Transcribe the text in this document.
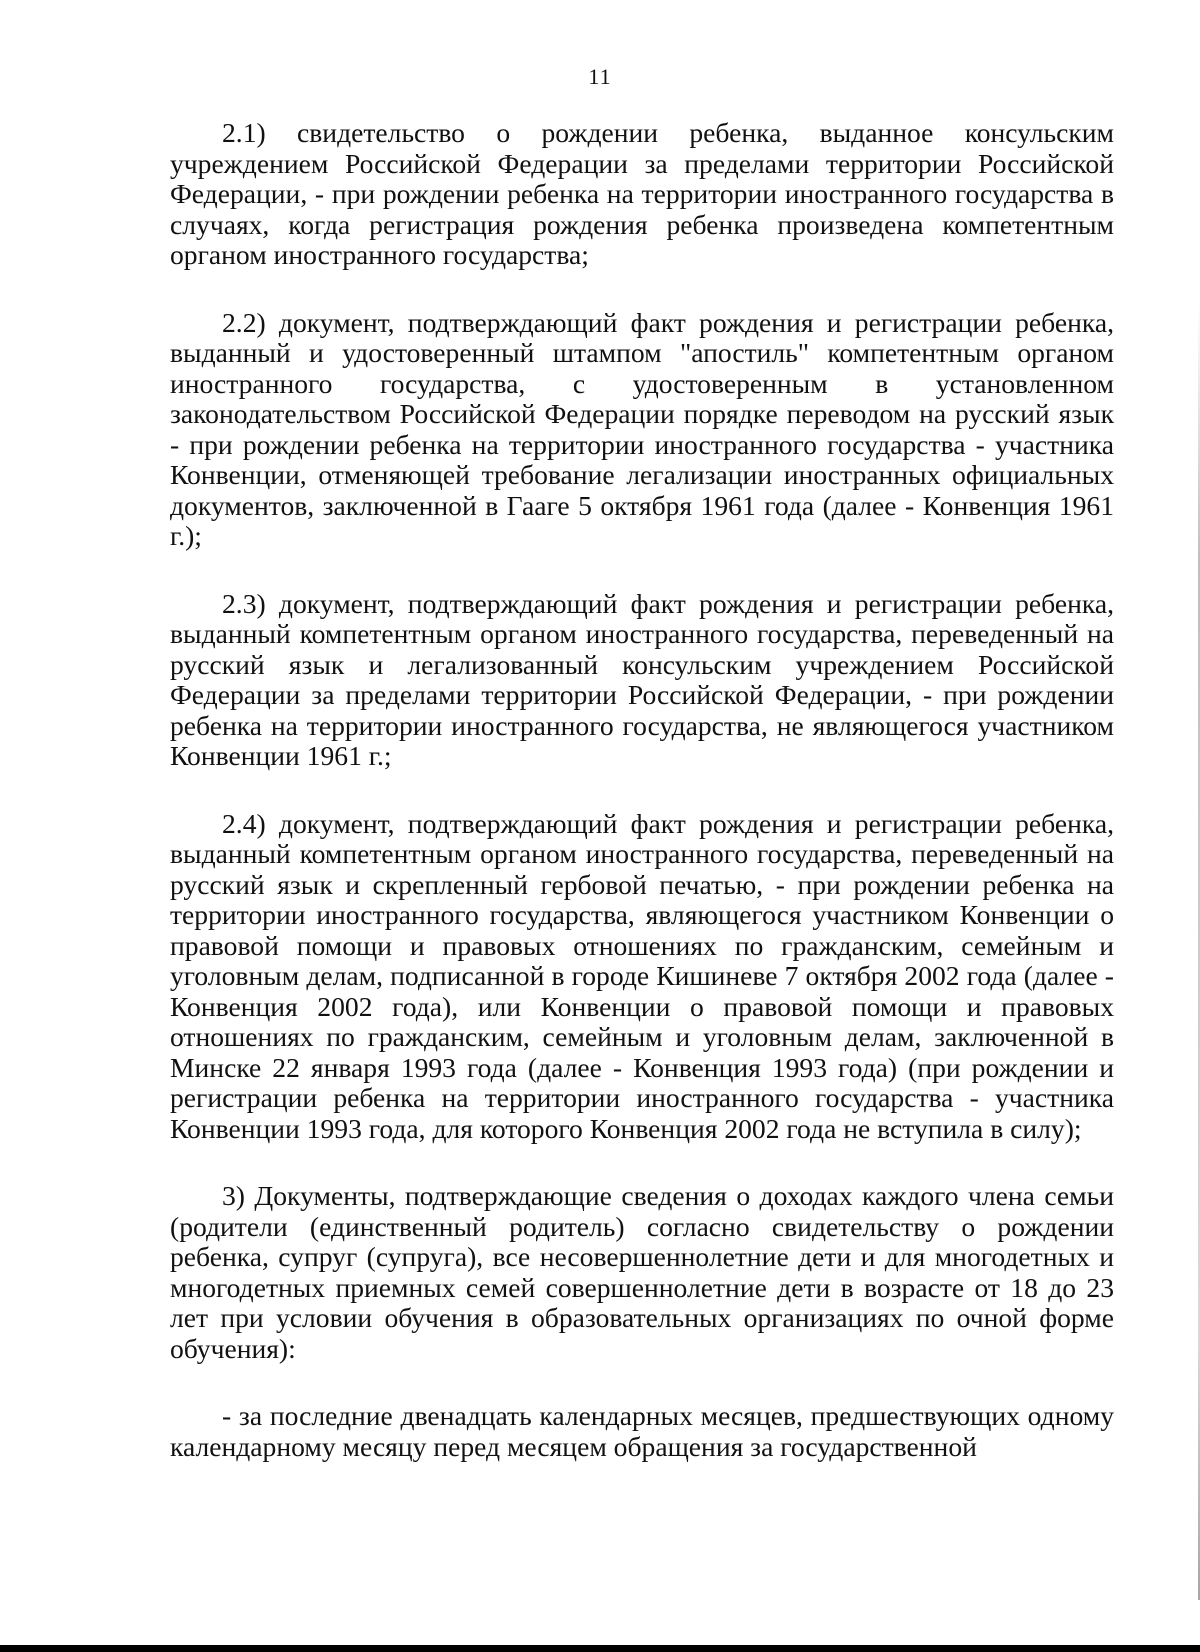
11

2.1) свидетельство о рождении ребенка, выданное консульским учреждением Российской Федерации за пределами территории Российской Федерации, - при рождении ребенка на территории иностранного государства в случаях, когда регистрация рождения ребенка произведена компетентным органом иностранного государства;

2.2) документ, подтверждающий факт рождения и регистрации ребенка, выданный и удостоверенный штампом "апостиль" компетентным органом иностранного государства, с удостоверенным в установленном законодательством Российской Федерации порядке переводом на русский язык - при рождении ребенка на территории иностранного государства - участника Конвенции, отменяющей требование легализации иностранных официальных документов, заключенной в Гааге 5 октября 1961 года (далее - Конвенция 1961 г.);

2.3) документ, подтверждающий факт рождения и регистрации ребенка, выданный компетентным органом иностранного государства, переведенный на русский язык и легализованный консульским учреждением Российской Федерации за пределами территории Российской Федерации, - при рождении ребенка на территории иностранного государства, не являющегося участником Конвенции 1961 г.;

2.4) документ, подтверждающий факт рождения и регистрации ребенка, выданный компетентным органом иностранного государства, переведенный на русский язык и скрепленный гербовой печатью, - при рождении ребенка на территории иностранного государства, являющегося участником Конвенции о правовой помощи и правовых отношениях по гражданским, семейным и уголовным делам, подписанной в городе Кишиневе 7 октября 2002 года (далее - Конвенция 2002 года), или Конвенции о правовой помощи и правовых отношениях по гражданским, семейным и уголовным делам, заключенной в Минске 22 января 1993 года (далее - Конвенция 1993 года) (при рождении и регистрации ребенка на территории иностранного государства - участника Конвенции 1993 года, для которого Конвенция 2002 года не вступила в силу);

3) Документы, подтверждающие сведения о доходах каждого члена семьи (родители (единственный родитель) согласно свидетельству о рождении ребенка, супруг (супруга), все несовершеннолетние дети и для многодетных и многодетных приемных семей совершеннолетние дети в возрасте от 18 до 23 лет при условии обучения в образовательных организациях по очной форме обучения):

- за последние двенадцать календарных месяцев, предшествующих одному календарному месяцу перед месяцем обращения за государственной
